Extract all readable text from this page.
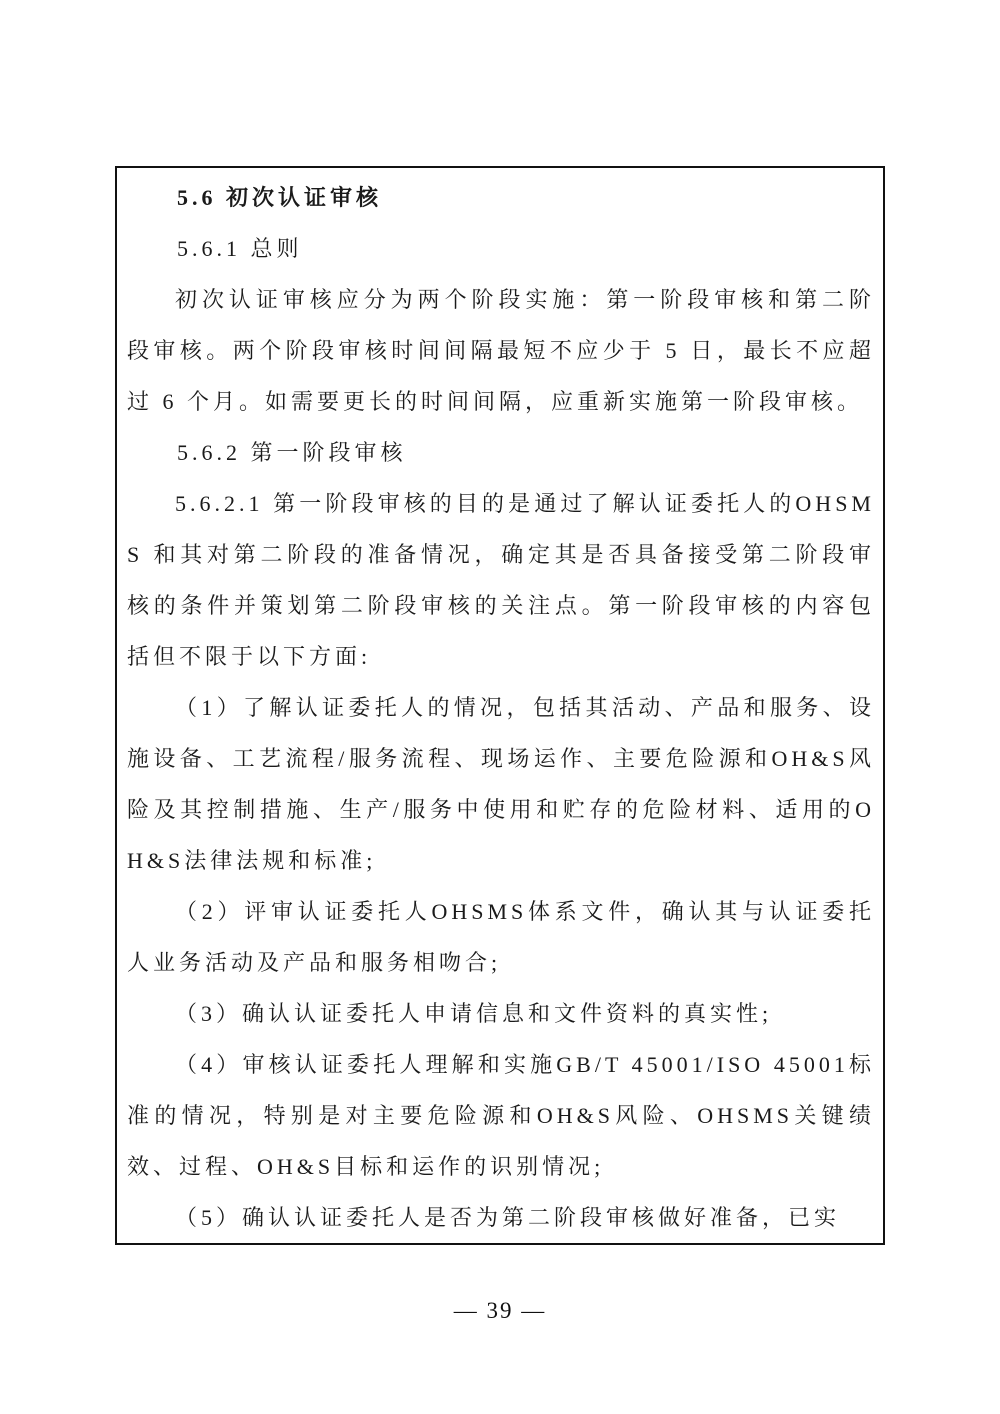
5.6 初次认证审核

5.6.1 总则

初次认证审核应分为两个阶段实施：第一阶段审核和第二阶段审核。两个阶段审核时间间隔最短不应少于 5 日，最长不应超过 6 个月。如需要更长的时间间隔，应重新实施第一阶段审核。

5.6.2 第一阶段审核

5.6.2.1 第一阶段审核的目的是通过了解认证委托人的OHSMS 和其对第二阶段的准备情况，确定其是否具备接受第二阶段审核的条件并策划第二阶段审核的关注点。第一阶段审核的内容包括但不限于以下方面:

（1）了解认证委托人的情况，包括其活动、产品和服务、设施设备、工艺流程/服务流程、现场运作、主要危险源和OH&S风险及其控制措施、生产/服务中使用和贮存的危险材料、适用的OH&S法律法规和标准;

（2）评审认证委托人OHSMS体系文件，确认其与认证委托人业务活动及产品和服务相吻合;

（3）确认认证委托人申请信息和文件资料的真实性;

（4）审核认证委托人理解和实施GB/T 45001/ISO 45001标准的情况，特别是对主要危险源和OH&S风险、OHSMS关键绩效、过程、OH&S目标和运作的识别情况;

（5）确认认证委托人是否为第二阶段审核做好准备，已实

— 39 —
